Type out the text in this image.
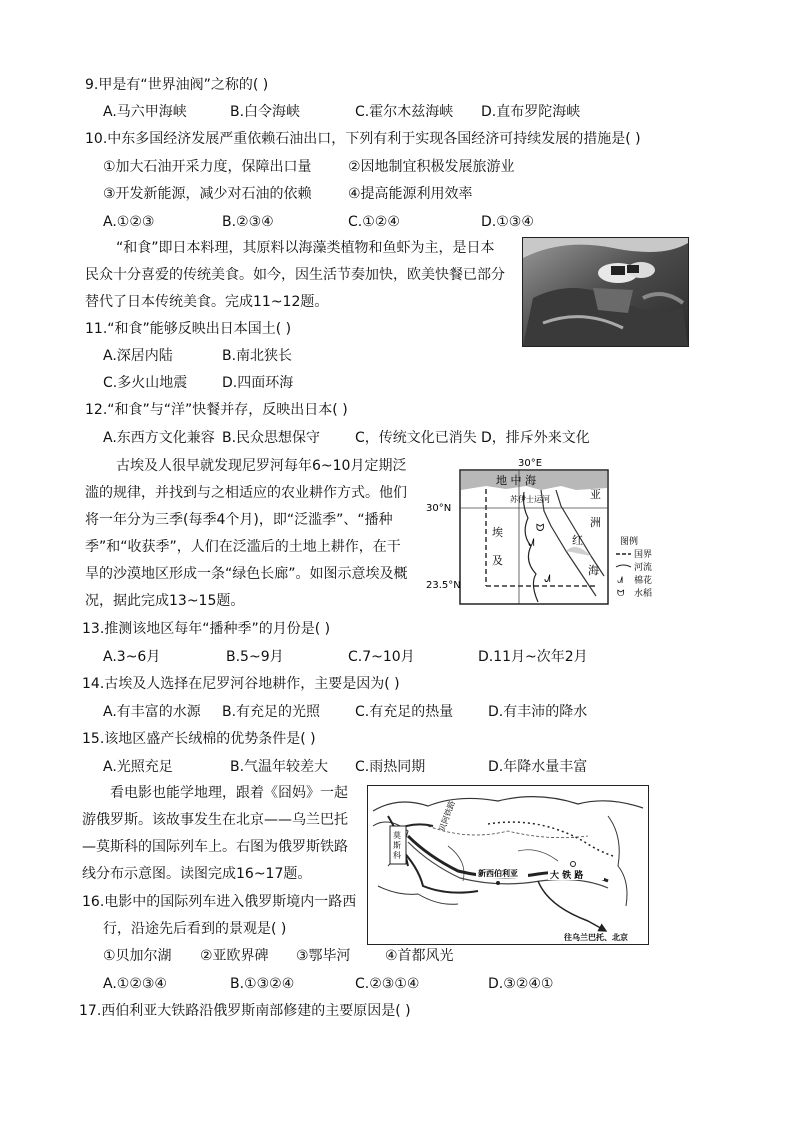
9.甲是有“世界油阀”之称的( )
A.马六甲海峡	B.白令海峡	C.霍尔木兹海峡 D.直布罗陀海峡
10.中东多国经济发展严重依赖石油出口，下列有利于实现各国经济可持续发展的措施是( )
①加大石油开采力度，保障出口量	②因地制宜积极发展旅游业
③开发新能源，减少对石油的依赖	④提高能源利用效率
A.①②③	B.②③④	C.①②④	D.①③④
“和食”即日本料理，其原料以海藻类植物和鱼虾为主，是日本
民众十分喜爱的传统美食。如今，因生活节奏加快，欧美快餐已部分
替代了日本传统美食。完成11~12题。
11.“和食”能够反映出日本国土( )
A.深居内陆	B.南北狭长
C.多火山地震 D.四面环海
12.“和食”与“洋”快餐并存，反映出日本( )
A.东西方文化兼容 B.民众思想保守 C，传统文化已消失 D，排斥外来文化
古埃及人很早就发现尼罗河每年6~10月定期泛
滥的规律，并找到与之相适应的农业耕作方式。他们
将一年分为三季(每季4个月)，即“泛滥季”、“播种
季”和“收获季”，人们在泛滥后的土地上耕作，在干
旱的沙漠地区形成一条“绿色长廊”。如图示意埃及概
况，据此完成13~15题。
ᗢ
ᗂ
ᗂ
30°E
30°N
23.5°N
地 中 海
苏伊士运河	亚
洲
埃
及
红
海
图例
国界
河流
ᗂ 棉花
ᗢ 水稻
13.推测该地区每年“播种季”的月份是( )
A.3~6月	B.5~9月	C.7~10月	D.11月~次年2月
14.古埃及人选择在尼罗河谷地耕作，主要是因为( )
A.有丰富的水源 B.有充足的光照 C.有充足的热量 D.有丰沛的降水
15.该地区盛产长绒棉的优势条件是( )
A.光照充足	B.气温年较差大 C.雨热同期	D.年降水量丰富
看电影也能学地理，跟着《囧妈》一起
游俄罗斯。该故事发生在北京——乌兰巴托
—莫斯科的国际列车上。右图为俄罗斯铁路
线分布示意图。读图完成16~17题。
莫
斯
科
贝阿铁路
新西伯利亚	大 铁 路
往乌兰巴托、北京
16.电影中的国际列车进入俄罗斯境内一路西
行，沿途先后看到的景观是( )
①贝加尔湖 ②亚欧界碑 ③鄂毕河 ④首都风光
A.①②③④	B.①③②④	C.②③①④	D.③②④①
17.西伯利亚大铁路沿俄罗斯南部修建的主要原因是( )
